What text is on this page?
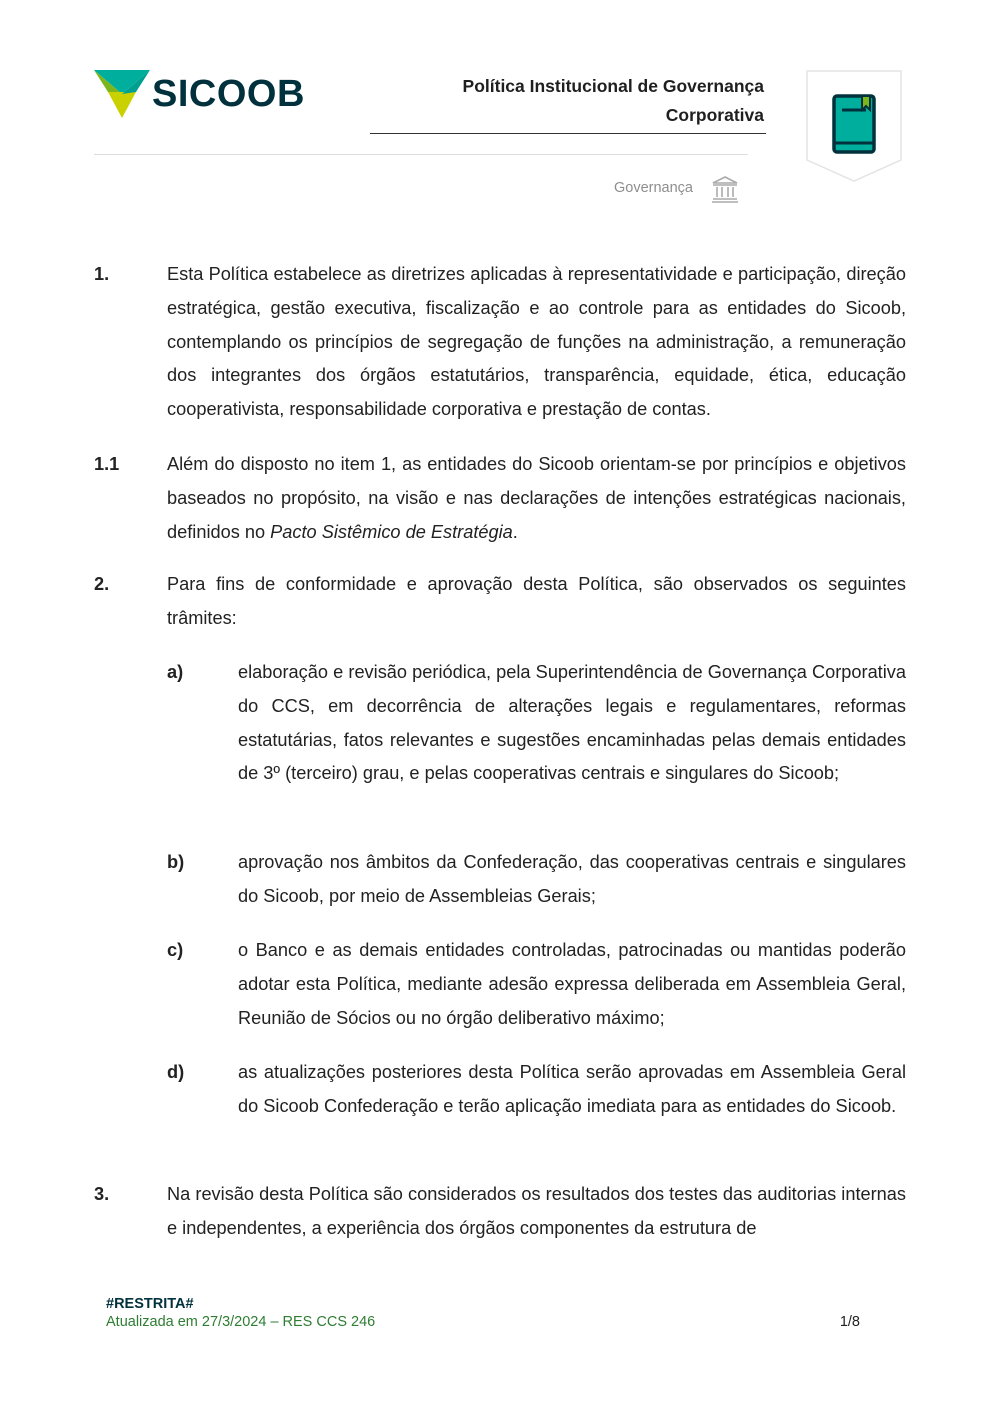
SICOOB	Política Institucional de Governança
Corporativa
Governança
1.	Esta Política estabelece as diretrizes aplicadas à representatividade e participação, direção estratégica, gestão executiva, fiscalização e ao controle para as entidades do Sicoob, contemplando os princípios de segregação de funções na administração, a remuneração dos integrantes dos órgãos estatutários, transparência, equidade, ética, educação cooperativista, responsabilidade corporativa e prestação de contas.
1.1	Além do disposto no item 1, as entidades do Sicoob orientam-se por princípios e objetivos baseados no propósito, na visão e nas declarações de intenções estratégicas nacionais, definidos no Pacto Sistêmico de Estratégia.
2.	Para fins de conformidade e aprovação desta Política, são observados os seguintes trâmites:
a)	elaboração e revisão periódica, pela Superintendência de Governança Corporativa do CCS, em decorrência de alterações legais e regulamentares, reformas estatutárias, fatos relevantes e sugestões encaminhadas pelas demais entidades de 3º (terceiro) grau, e pelas cooperativas centrais e singulares do Sicoob;
b)	aprovação nos âmbitos da Confederação, das cooperativas centrais e singulares do Sicoob, por meio de Assembleias Gerais;
c)	o Banco e as demais entidades controladas, patrocinadas ou mantidas poderão adotar esta Política, mediante adesão expressa deliberada em Assembleia Geral, Reunião de Sócios ou no órgão deliberativo máximo;
d)	as atualizações posteriores desta Política serão aprovadas em Assembleia Geral do Sicoob Confederação e terão aplicação imediata para as entidades do Sicoob.
3.	Na revisão desta Política são considerados os resultados dos testes das auditorias internas e independentes, a experiência dos órgãos componentes da estrutura de
#RESTRITA#
Atualizada em 27/3/2024 – RES CCS 246	1/8
